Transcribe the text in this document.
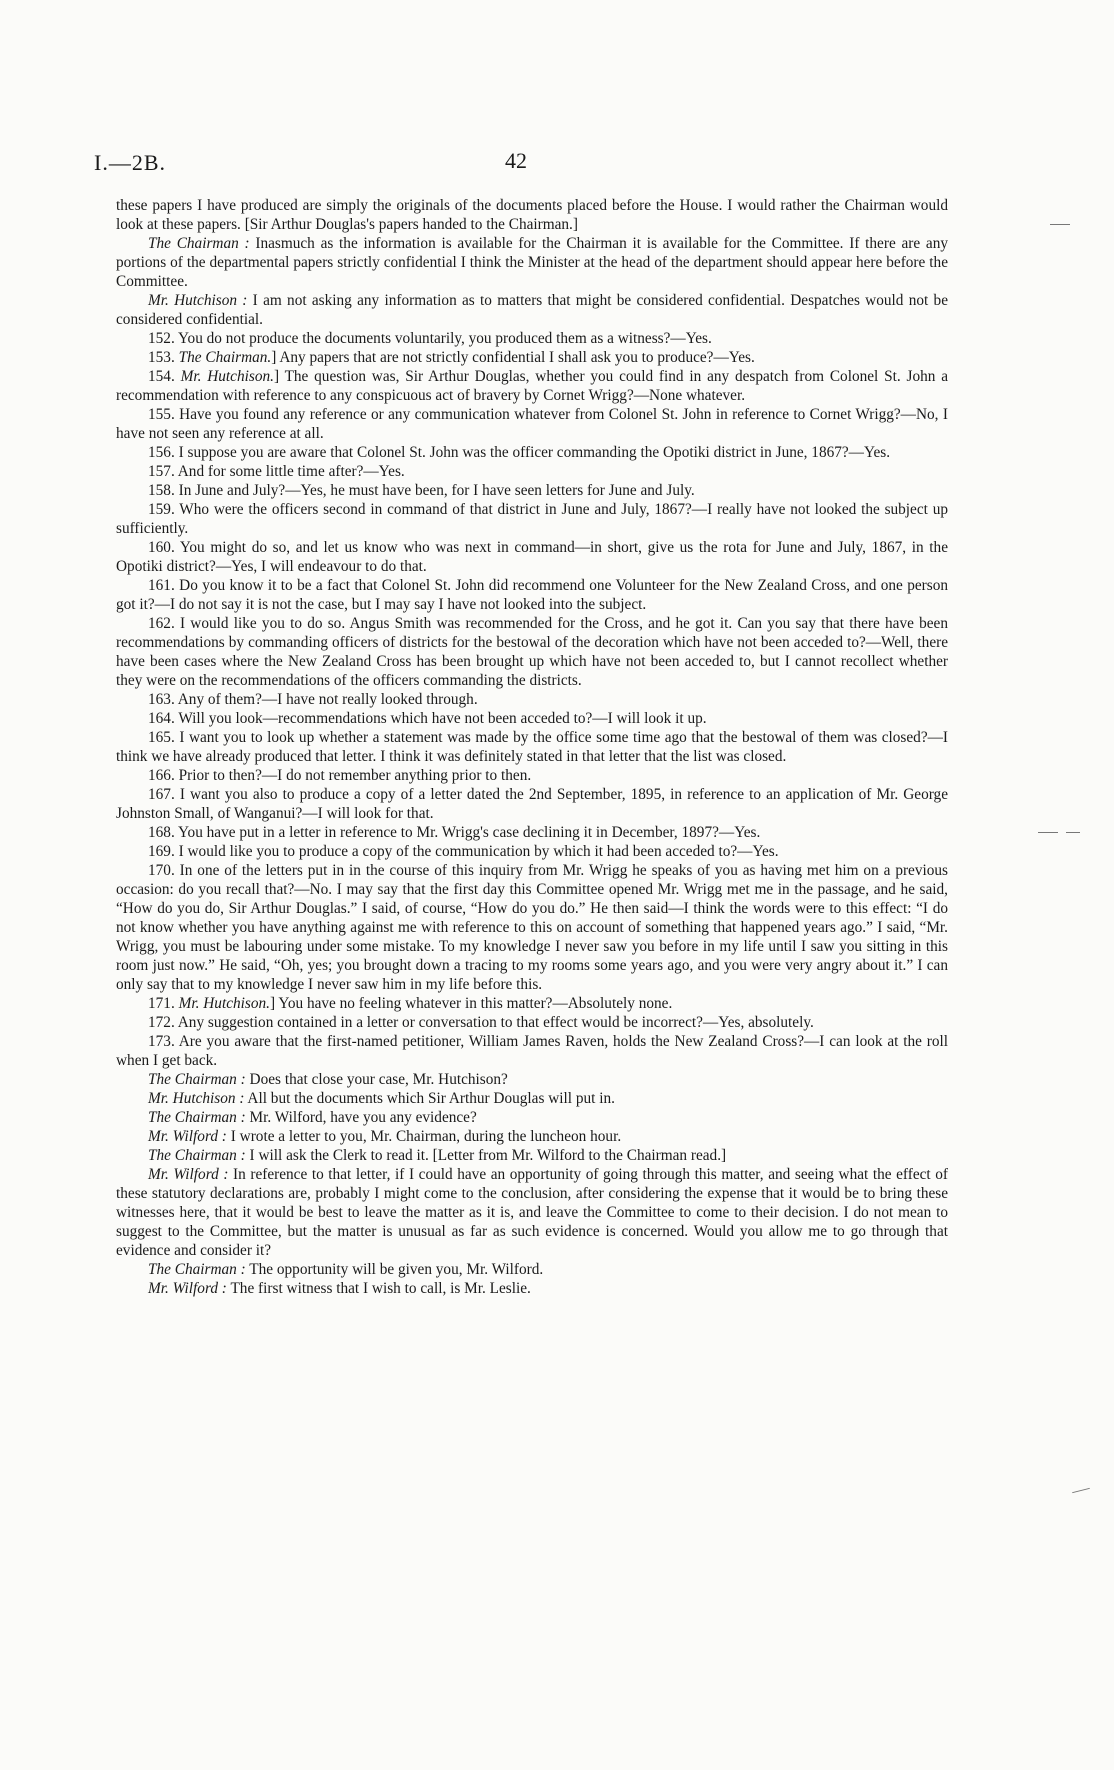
I.—2B.	42

these papers I have produced are simply the originals of the documents placed before the House. I would rather the Chairman would look at these papers. [Sir Arthur Douglas's papers handed to the Chairman.]

The Chairman : Inasmuch as the information is available for the Chairman it is available for the Committee. If there are any portions of the departmental papers strictly confidential I think the Minister at the head of the department should appear here before the Committee.

Mr. Hutchison : I am not asking any information as to matters that might be considered confidential. Despatches would not be considered confidential.

152. You do not produce the documents voluntarily, you produced them as a witness?—Yes.

153. The Chairman.] Any papers that are not strictly confidential I shall ask you to produce?—Yes.

154. Mr. Hutchison.] The question was, Sir Arthur Douglas, whether you could find in any despatch from Colonel St. John a recommendation with reference to any conspicuous act of bravery by Cornet Wrigg?—None whatever.

155. Have you found any reference or any communication whatever from Colonel St. John in reference to Cornet Wrigg?—No, I have not seen any reference at all.

156. I suppose you are aware that Colonel St. John was the officer commanding the Opotiki district in June, 1867?—Yes.

157. And for some little time after?—Yes.

158. In June and July?—Yes, he must have been, for I have seen letters for June and July.

159. Who were the officers second in command of that district in June and July, 1867?—I really have not looked the subject up sufficiently.

160. You might do so, and let us know who was next in command—in short, give us the rota for June and July, 1867, in the Opotiki district?—Yes, I will endeavour to do that.

161. Do you know it to be a fact that Colonel St. John did recommend one Volunteer for the New Zealand Cross, and one person got it?—I do not say it is not the case, but I may say I have not looked into the subject.

162. I would like you to do so. Angus Smith was recommended for the Cross, and he got it. Can you say that there have been recommendations by commanding officers of districts for the bestowal of the decoration which have not been acceded to?—Well, there have been cases where the New Zealand Cross has been brought up which have not been acceded to, but I cannot recollect whether they were on the recommendations of the officers commanding the districts.

163. Any of them?—I have not really looked through.

164. Will you look—recommendations which have not been acceded to?—I will look it up.

165. I want you to look up whether a statement was made by the office some time ago that the bestowal of them was closed?—I think we have already produced that letter. I think it was definitely stated in that letter that the list was closed.

166. Prior to then?—I do not remember anything prior to then.

167. I want you also to produce a copy of a letter dated the 2nd September, 1895, in reference to an application of Mr. George Johnston Small, of Wanganui?—I will look for that.

168. You have put in a letter in reference to Mr. Wrigg's case declining it in December, 1897?—Yes.

169. I would like you to produce a copy of the communication by which it had been acceded to?—Yes.

170. In one of the letters put in in the course of this inquiry from Mr. Wrigg he speaks of you as having met him on a previous occasion: do you recall that?—No. I may say that the first day this Committee opened Mr. Wrigg met me in the passage, and he said, “How do you do, Sir Arthur Douglas.” I said, of course, “How do you do.” He then said—I think the words were to this effect: “I do not know whether you have anything against me with reference to this on account of something that happened years ago.” I said, “Mr. Wrigg, you must be labouring under some mistake. To my knowledge I never saw you before in my life until I saw you sitting in this room just now.” He said, “Oh, yes; you brought down a tracing to my rooms some years ago, and you were very angry about it.” I can only say that to my knowledge I never saw him in my life before this.

171. Mr. Hutchison.] You have no feeling whatever in this matter?—Absolutely none.

172. Any suggestion contained in a letter or conversation to that effect would be incorrect?—Yes, absolutely.

173. Are you aware that the first-named petitioner, William James Raven, holds the New Zealand Cross?—I can look at the roll when I get back.

The Chairman : Does that close your case, Mr. Hutchison?

Mr. Hutchison : All but the documents which Sir Arthur Douglas will put in.

The Chairman : Mr. Wilford, have you any evidence?

Mr. Wilford : I wrote a letter to you, Mr. Chairman, during the luncheon hour.

The Chairman : I will ask the Clerk to read it. [Letter from Mr. Wilford to the Chairman read.]

Mr. Wilford : In reference to that letter, if I could have an opportunity of going through this matter, and seeing what the effect of these statutory declarations are, probably I might come to the conclusion, after considering the expense that it would be to bring these witnesses here, that it would be best to leave the matter as it is, and leave the Committee to come to their decision. I do not mean to suggest to the Committee, but the matter is unusual as far as such evidence is concerned. Would you allow me to go through that evidence and consider it?

The Chairman : The opportunity will be given you, Mr. Wilford.

Mr. Wilford : The first witness that I wish to call, is Mr. Leslie.
